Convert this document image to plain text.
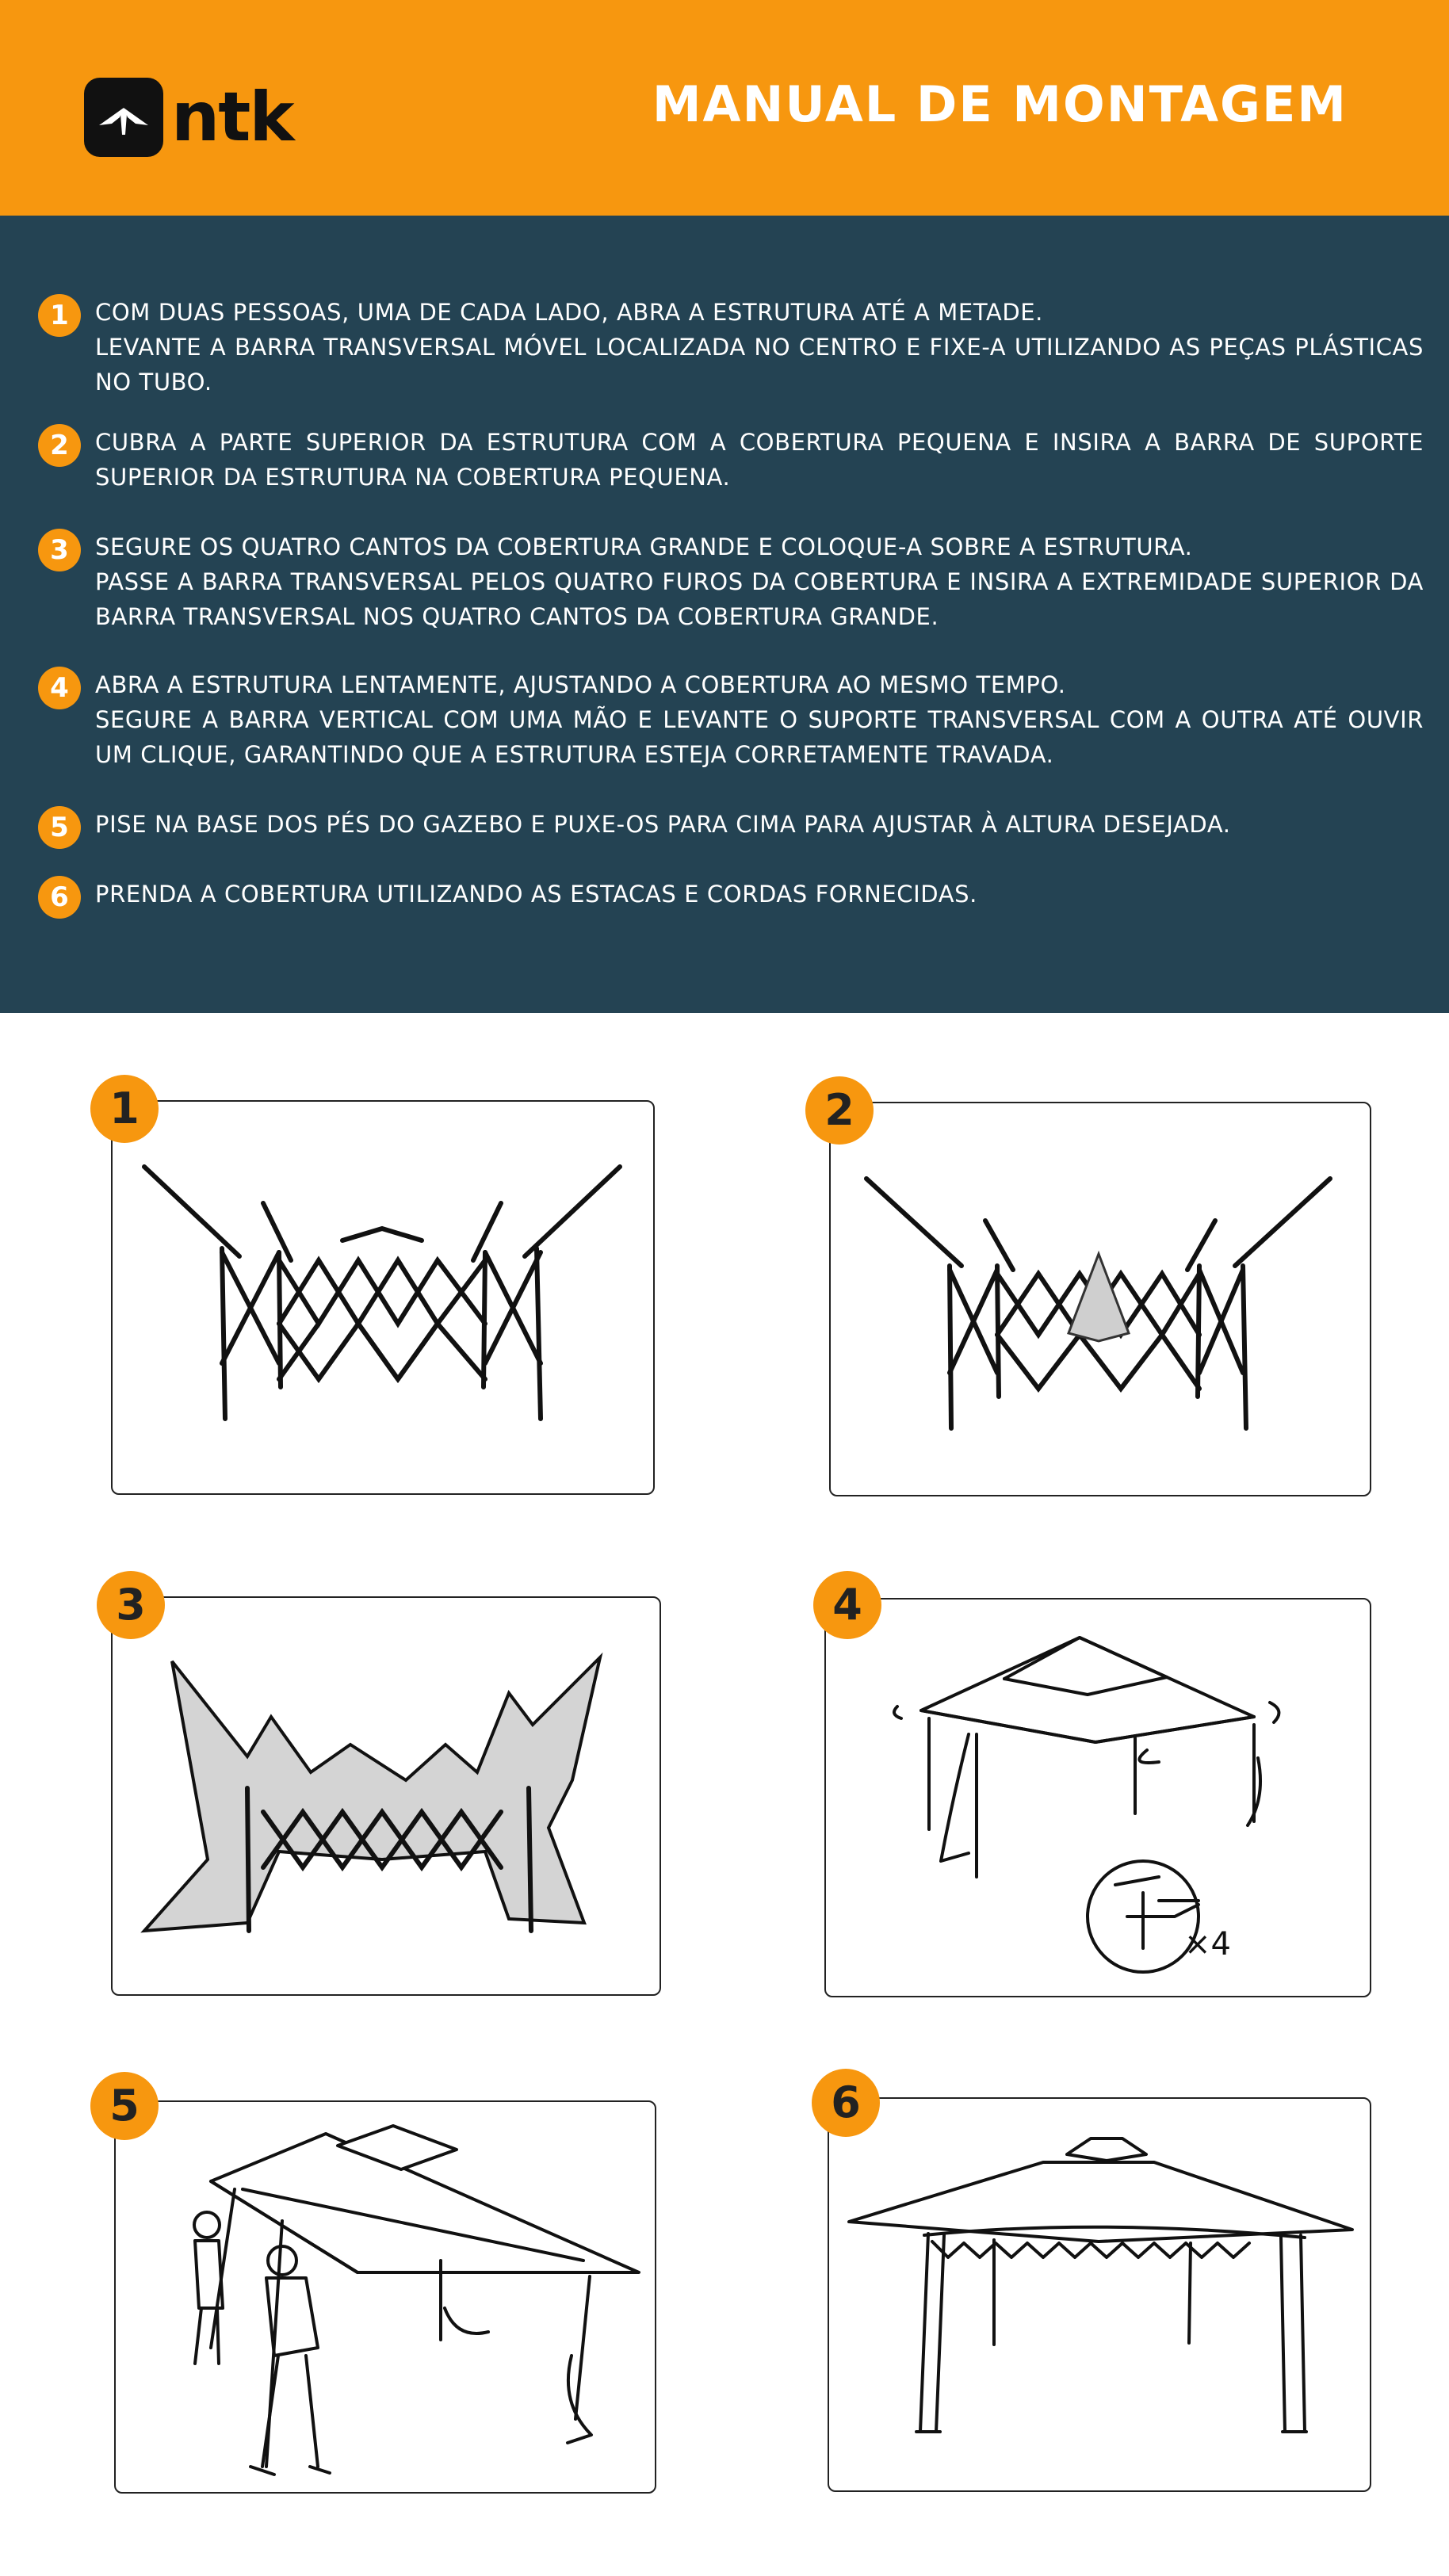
ntk	MANUAL DE MONTAGEM
1	COM DUAS PESSOAS, UMA DE CADA LADO, ABRA A ESTRUTURA ATÉ A METADE.
LEVANTE A BARRA TRANSVERSAL MÓVEL LOCALIZADA NO CENTRO E FIXE-A UTILIZANDO AS PEÇAS PLÁSTICAS NO TUBO.
2	CUBRA A PARTE SUPERIOR DA ESTRUTURA COM A COBERTURA PEQUENA E INSIRA A BARRA DE SUPORTE SUPERIOR DA ESTRUTURA NA COBERTURA PEQUENA.
3	SEGURE OS QUATRO CANTOS DA COBERTURA GRANDE E COLOQUE-A SOBRE A ESTRUTURA.
PASSE A BARRA TRANSVERSAL PELOS QUATRO FUROS DA COBERTURA E INSIRA A EXTREMIDADE SUPERIOR DA BARRA TRANSVERSAL NOS QUATRO CANTOS DA COBERTURA GRANDE.
4	ABRA A ESTRUTURA LENTAMENTE, AJUSTANDO A COBERTURA AO MESMO TEMPO.
SEGURE A BARRA VERTICAL COM UMA MÃO E LEVANTE O SUPORTE TRANSVERSAL COM A OUTRA ATÉ OUVIR UM CLIQUE, GARANTINDO QUE A ESTRUTURA ESTEJA CORRETAMENTE TRAVADA.
5	PISE NA BASE DOS PÉS DO GAZEBO E PUXE-OS PARA CIMA PARA AJUSTAR À ALTURA DESEJADA.
6	PRENDA A COBERTURA UTILIZANDO AS ESTACAS E CORDAS FORNECIDAS.
1	2
3
×4
4
5	6
